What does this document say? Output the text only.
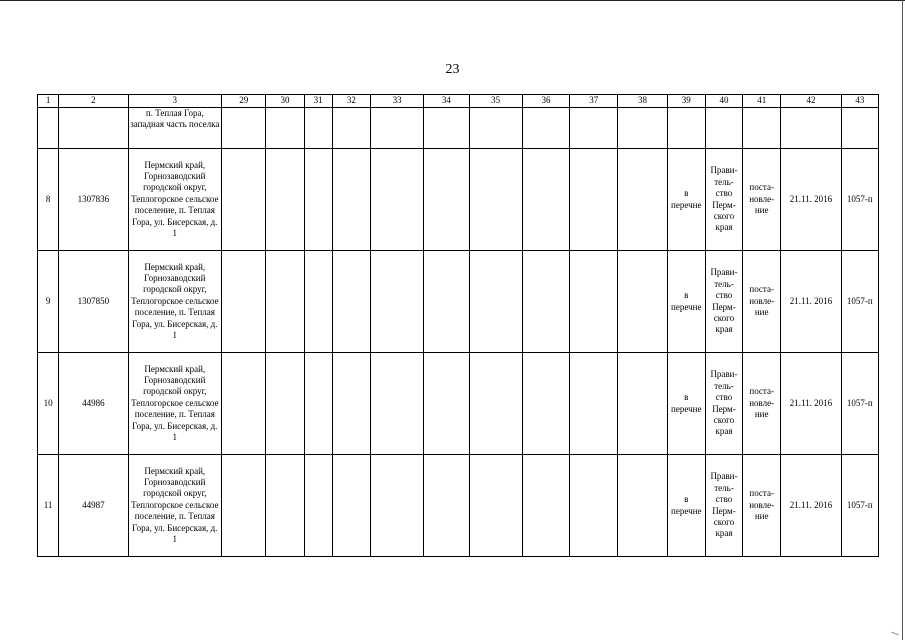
23
1	2	3	29	30	31	32	33	34	35	36	37	38	39	40	41	42	43
		п. Теплая Гора, западная часть поселка															
8	1307836	Пермский край, Горнозаводский городской округ, Теплогорское сельское поселение, п. Теплая Гора, ул. Бисерская, д. 1											в перечне	Прави-тель-ство Перм-ского края	поста-новле-ние	21.11. 2016	1057-п
9	1307850	Пермский край, Горнозаводский городской округ, Теплогорское сельское поселение, п. Теплая Гора, ул. Бисерская, д. 1											в перечне	Прави-тель-ство Перм-ского края	поста-новле-ние	21.11. 2016	1057-п
10	44986	Пермский край, Горнозаводский городской округ, Теплогорское сельское поселение, п. Теплая Гора, ул. Бисерская, д. 1											в перечне	Прави-тель-ство Перм-ского края	поста-новле-ние	21.11. 2016	1057-п
11	44987	Пермский край, Горнозаводский городской округ, Теплогорское сельское поселение, п. Теплая Гора, ул. Бисерская, д. 1											в перечне	Прави-тель-ство Перм-ского края	поста-новле-ние	21.11. 2016	1057-п
